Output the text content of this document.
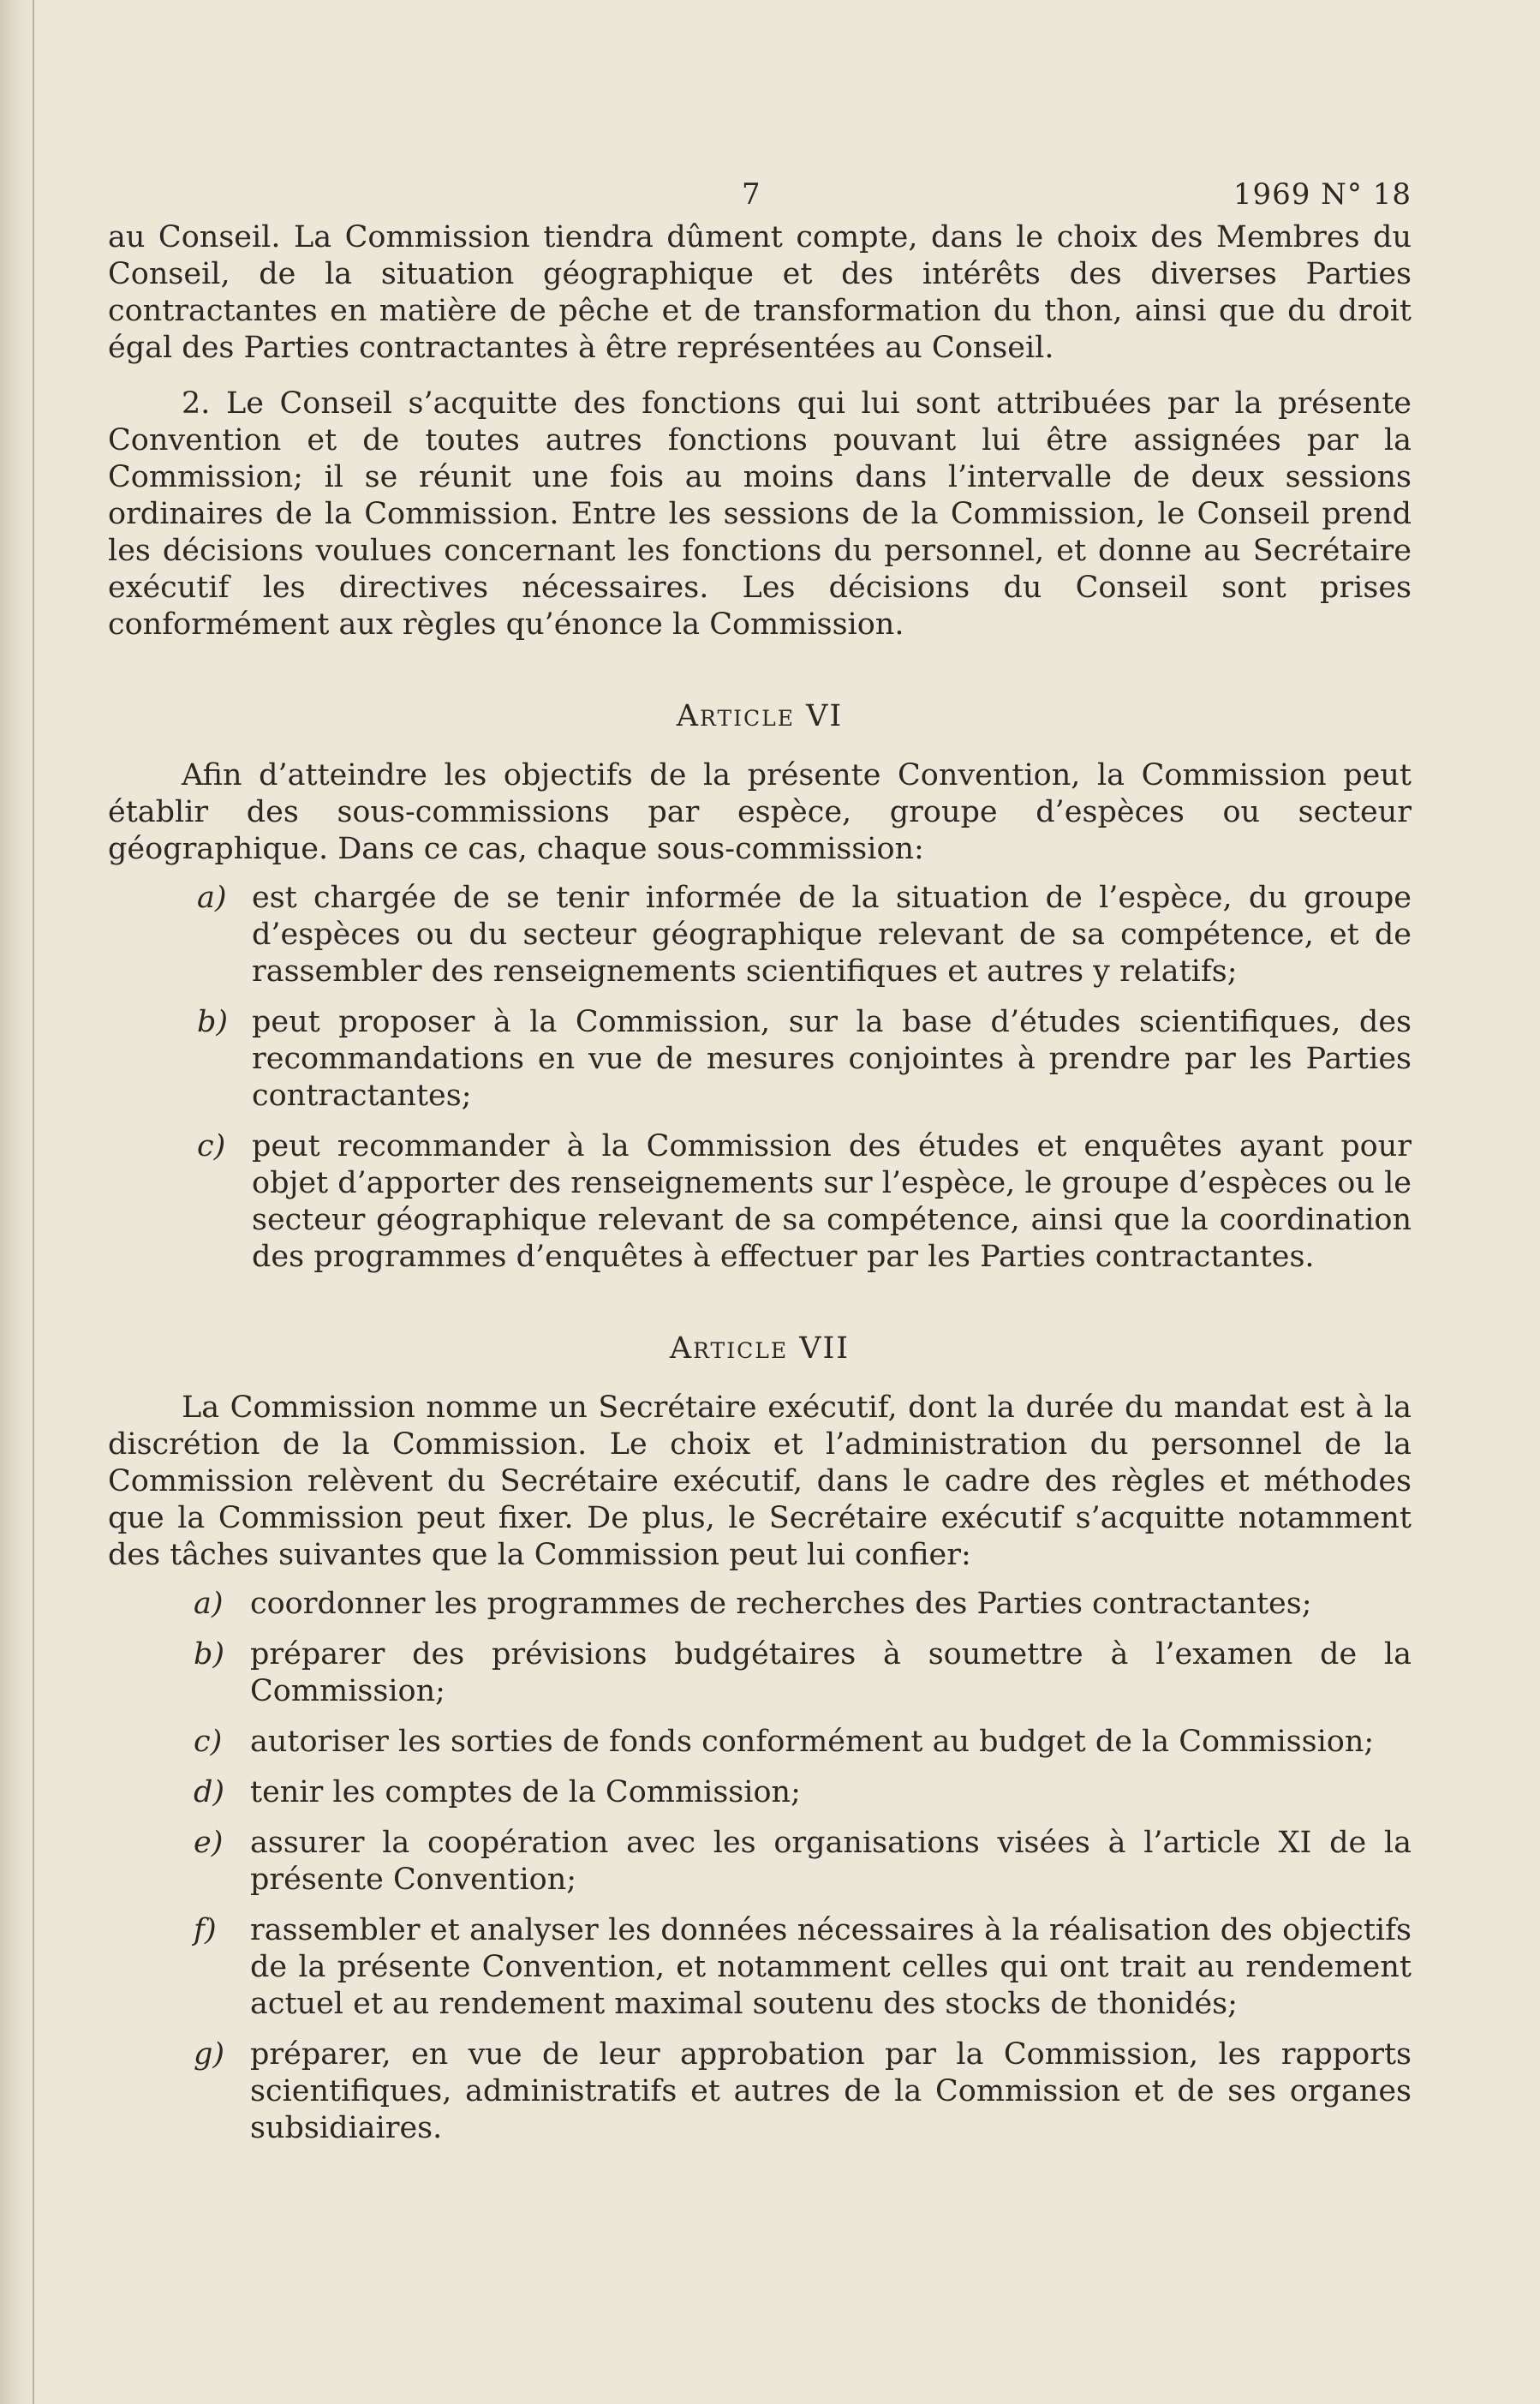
7	1969 N° 18

au Conseil. La Commission tiendra dûment compte, dans le choix des Membres du Conseil, de la situation géographique et des intérêts des diverses Parties contractantes en matière de pêche et de transformation du thon, ainsi que du droit égal des Parties contractantes à être représentées au Conseil.

2. Le Conseil s’acquitte des fonctions qui lui sont attribuées par la présente Convention et de toutes autres fonctions pouvant lui être assignées par la Commission; il se réunit une fois au moins dans l’intervalle de deux sessions ordinaires de la Commission. Entre les sessions de la Commission, le Conseil prend les décisions voulues concernant les fonctions du personnel, et donne au Secrétaire exécutif les directives nécessaires. Les décisions du Conseil sont prises conformément aux règles qu’énonce la Commission.

Article VI

Afin d’atteindre les objectifs de la présente Convention, la Commission peut établir des sous-commissions par espèce, groupe d’espèces ou secteur géographique. Dans ce cas, chaque sous-commission:

a) est chargée de se tenir informée de la situation de l’espèce, du groupe d’espèces ou du secteur géographique relevant de sa compétence, et de rassembler des renseignements scientifiques et autres y relatifs;
b) peut proposer à la Commission, sur la base d’études scientifiques, des recommandations en vue de mesures conjointes à prendre par les Parties contractantes;
c) peut recommander à la Commission des études et enquêtes ayant pour objet d’apporter des renseignements sur l’espèce, le groupe d’espèces ou le secteur géographique relevant de sa compétence, ainsi que la coordination des programmes d’enquêtes à effectuer par les Parties contractantes.
Article VII

La Commission nomme un Secrétaire exécutif, dont la durée du mandat est à la discrétion de la Commission. Le choix et l’administration du personnel de la Commission relèvent du Secrétaire exécutif, dans le cadre des règles et méthodes que la Commission peut fixer. De plus, le Secrétaire exécutif s’acquitte notamment des tâches suivantes que la Commission peut lui confier:

a) coordonner les programmes de recherches des Parties contractantes;
b) préparer des prévisions budgétaires à soumettre à l’examen de la Commission;
c) autoriser les sorties de fonds conformément au budget de la Commission;
d) tenir les comptes de la Commission;
e) assurer la coopération avec les organisations visées à l’article XI de la présente Convention;
f) rassembler et analyser les données nécessaires à la réalisation des objectifs de la présente Convention, et notamment celles qui ont trait au rendement actuel et au rendement maximal soutenu des stocks de thonidés;
g) préparer, en vue de leur approbation par la Commission, les rapports scientifiques, administratifs et autres de la Commission et de ses organes subsidiaires.
